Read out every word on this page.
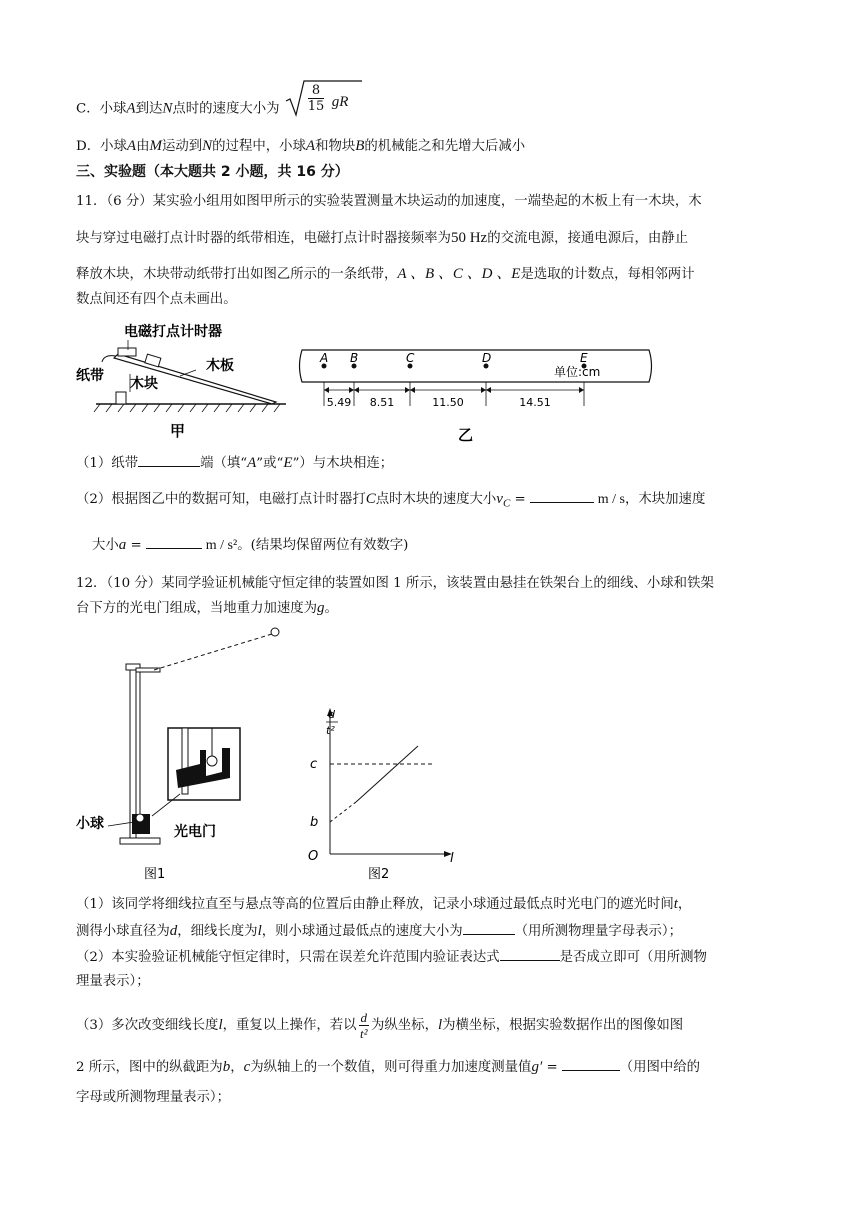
C．小球A到达N点时的速度大小为 $\frac{8}{15}$ gR
D．小球A由M运动到N的过程中，小球A和物块B的机械能之和先增大后减小
三、实验题（本大题共 2 小题，共 16 分）
11．（6 分）某实验小组用如图甲所示的实验装置测量木块运动的加速度，一端垫起的木板上有一木块，木
块与穿过电磁打点计时器的纸带相连，电磁打点计时器接频率为50 Hz的交流电源，接通电源后，由静止
释放木块，木块带动纸带打出如图乙所示的一条纸带，A 、B 、C 、D 、E是选取的计数点，每相邻两计
数点间还有四个点未画出。
电磁打点计时器
纸带 木块
木板
甲
A B	C	D	E
5.49 8.51	11.50	14.51
单位:cm
乙
（1）纸带	端（填“A”或“E”）与木块相连；
（2）根据图乙中的数据可知，电磁打点计时器打C点时木块的速度大小$v_C$ =	m / s，木块加速度
大小a =	m / s²。(结果均保留两位有效数字)
12．（10 分）某同学验证机械能守恒定律的装置如图 1 所示，该装置由悬挂在铁架台上的细线、小球和铁架
台下方的光电门组成，当地重力加速度为g。
小球	光电门
图1
d
t²
c
b
O	l
图2
（1）该同学将细线拉直至与悬点等高的位置后由静止释放，记录小球通过最低点时光电门的遮光时间t，
测得小球直径为d，细线长度为l，则小球通过最低点的速度大小为	（用所测物理量字母表示）；
（2）本实验验证机械能守恒定律时，只需在误差允许范围内验证表达式	是否成立即可（用所测物
理量表示）；
（3）多次改变细线长度l，重复以上操作，若以 $\frac{d}{\text{t²}}$ 为纵坐标，l为横坐标，根据实验数据作出的图像如图
2 所示，图中的纵截距为b，c为纵轴上的一个数值，则可得重力加速度测量值g′ =	（用图中给的
字母或所测物理量表示）；
